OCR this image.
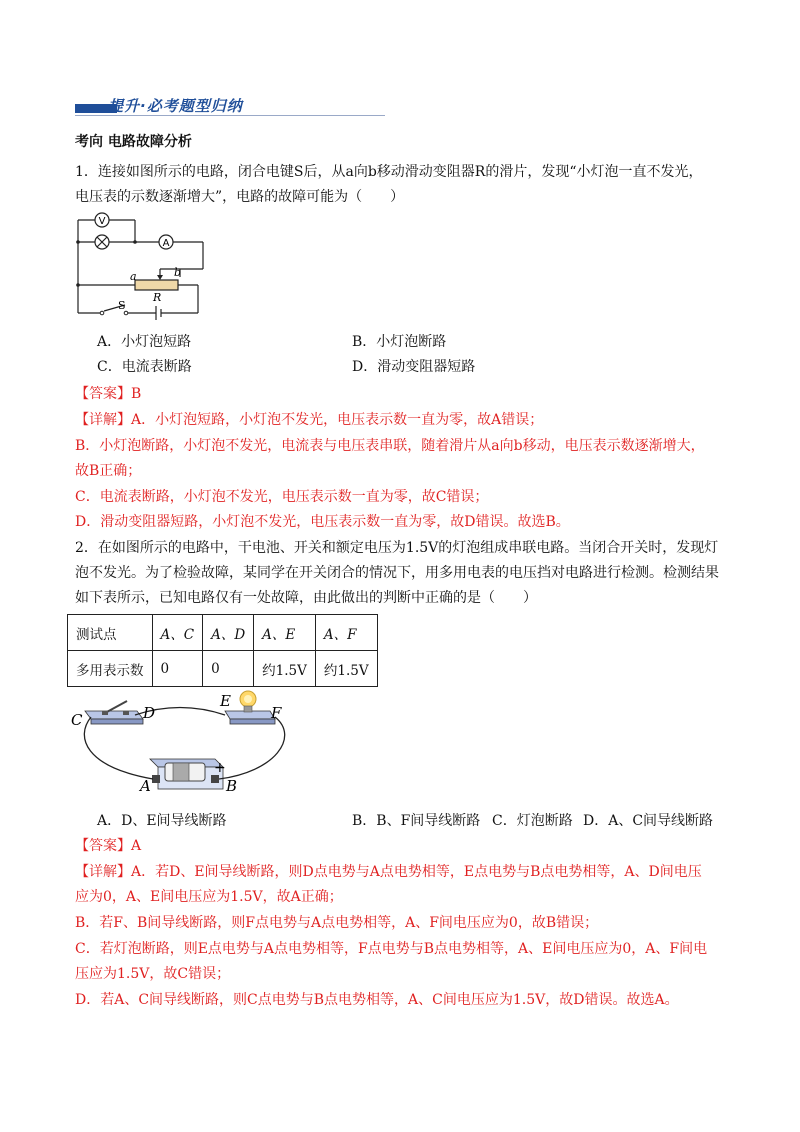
提升·必考题型归纳
考向 电路故障分析
1．连接如图所示的电路，闭合电键S后，从a向b移动滑动变阻器R的滑片，发现“小灯泡一直不发光，
电压表的示数逐渐增大”，电路的故障可能为（　　）
V
A
a	b
R
S
A．小灯泡短路	B．小灯泡断路
C．电流表断路	D．滑动变阻器短路
【答案】B
【详解】A．小灯泡短路，小灯泡不发光，电压表示数一直为零，故A错误；
B．小灯泡断路，小灯泡不发光，电流表与电压表串联，随着滑片从a向b移动，电压表示数逐渐增大，
故B正确；
C．电流表断路，小灯泡不发光，电压表示数一直为零，故C错误；
D．滑动变阻器短路，小灯泡不发光，电压表示数一直为零，故D错误。故选B。
2．在如图所示的电路中，干电池、开关和额定电压为1.5V的灯泡组成串联电路。当闭合开关时，发现灯
泡不发光。为了检验故障，某同学在开关闭合的情况下，用多用电表的电压挡对电路进行检测。检测结果
如下表所示，已知电路仅有一处故障，由此做出的判断中正确的是（　　）
测试点	A、C	A、D	A、E	A、F
多用表示数	0	0	约1.5V	约1.5V
C	D
E
F
A	B
+
A．D、E间导线断路	B．B、F间导线断路 C．灯泡断路 D．A、C间导线断路
【答案】A
【详解】A．若D、E间导线断路，则D点电势与A点电势相等，E点电势与B点电势相等，A、D间电压
应为0，A、E间电压应为1.5V，故A正确；
B．若F、B间导线断路，则F点电势与A点电势相等，A、F间电压应为0，故B错误；
C．若灯泡断路，则E点电势与A点电势相等，F点电势与B点电势相等，A、E间电压应为0，A、F间电
压应为1.5V，故C错误；
D．若A、C间导线断路，则C点电势与B点电势相等，A、C间电压应为1.5V，故D错误。故选A。
